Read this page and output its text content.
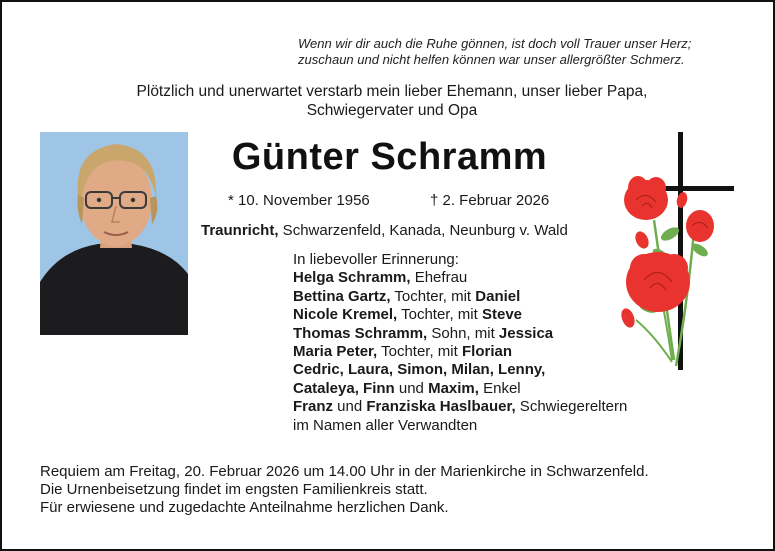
Wenn wir dir auch die Ruhe gönnen, ist doch voll Trauer unser Herz;
zuschaun und nicht helfen können war unser allergrößter Schmerz.
Plötzlich und unerwartet verstarb mein lieber Ehemann, unser lieber Papa,
Schwiegervater und Opa
Günter Schramm
* 10. November 1956	† 2. Februar 2026
Traunricht, Schwarzenfeld, Kanada, Neunburg v. Wald
In liebevoller Erinnerung:
Helga Schramm, Ehefrau
Bettina Gartz, Tochter, mit Daniel
Nicole Kremel, Tochter, mit Steve
Thomas Schramm, Sohn, mit Jessica
Maria Peter, Tochter, mit Florian
Cedric, Laura, Simon, Milan, Lenny,
Cataleya, Finn und Maxim, Enkel
Franz und Franziska Haslbauer, Schwiegereltern
im Namen aller Verwandten
Requiem am Freitag, 20. Februar 2026 um 14.00 Uhr in der Marienkirche in Schwarzenfeld.
Die Urnenbeisetzung findet im engsten Familienkreis statt.
Für erwiesene und zugedachte Anteilnahme herzlichen Dank.
